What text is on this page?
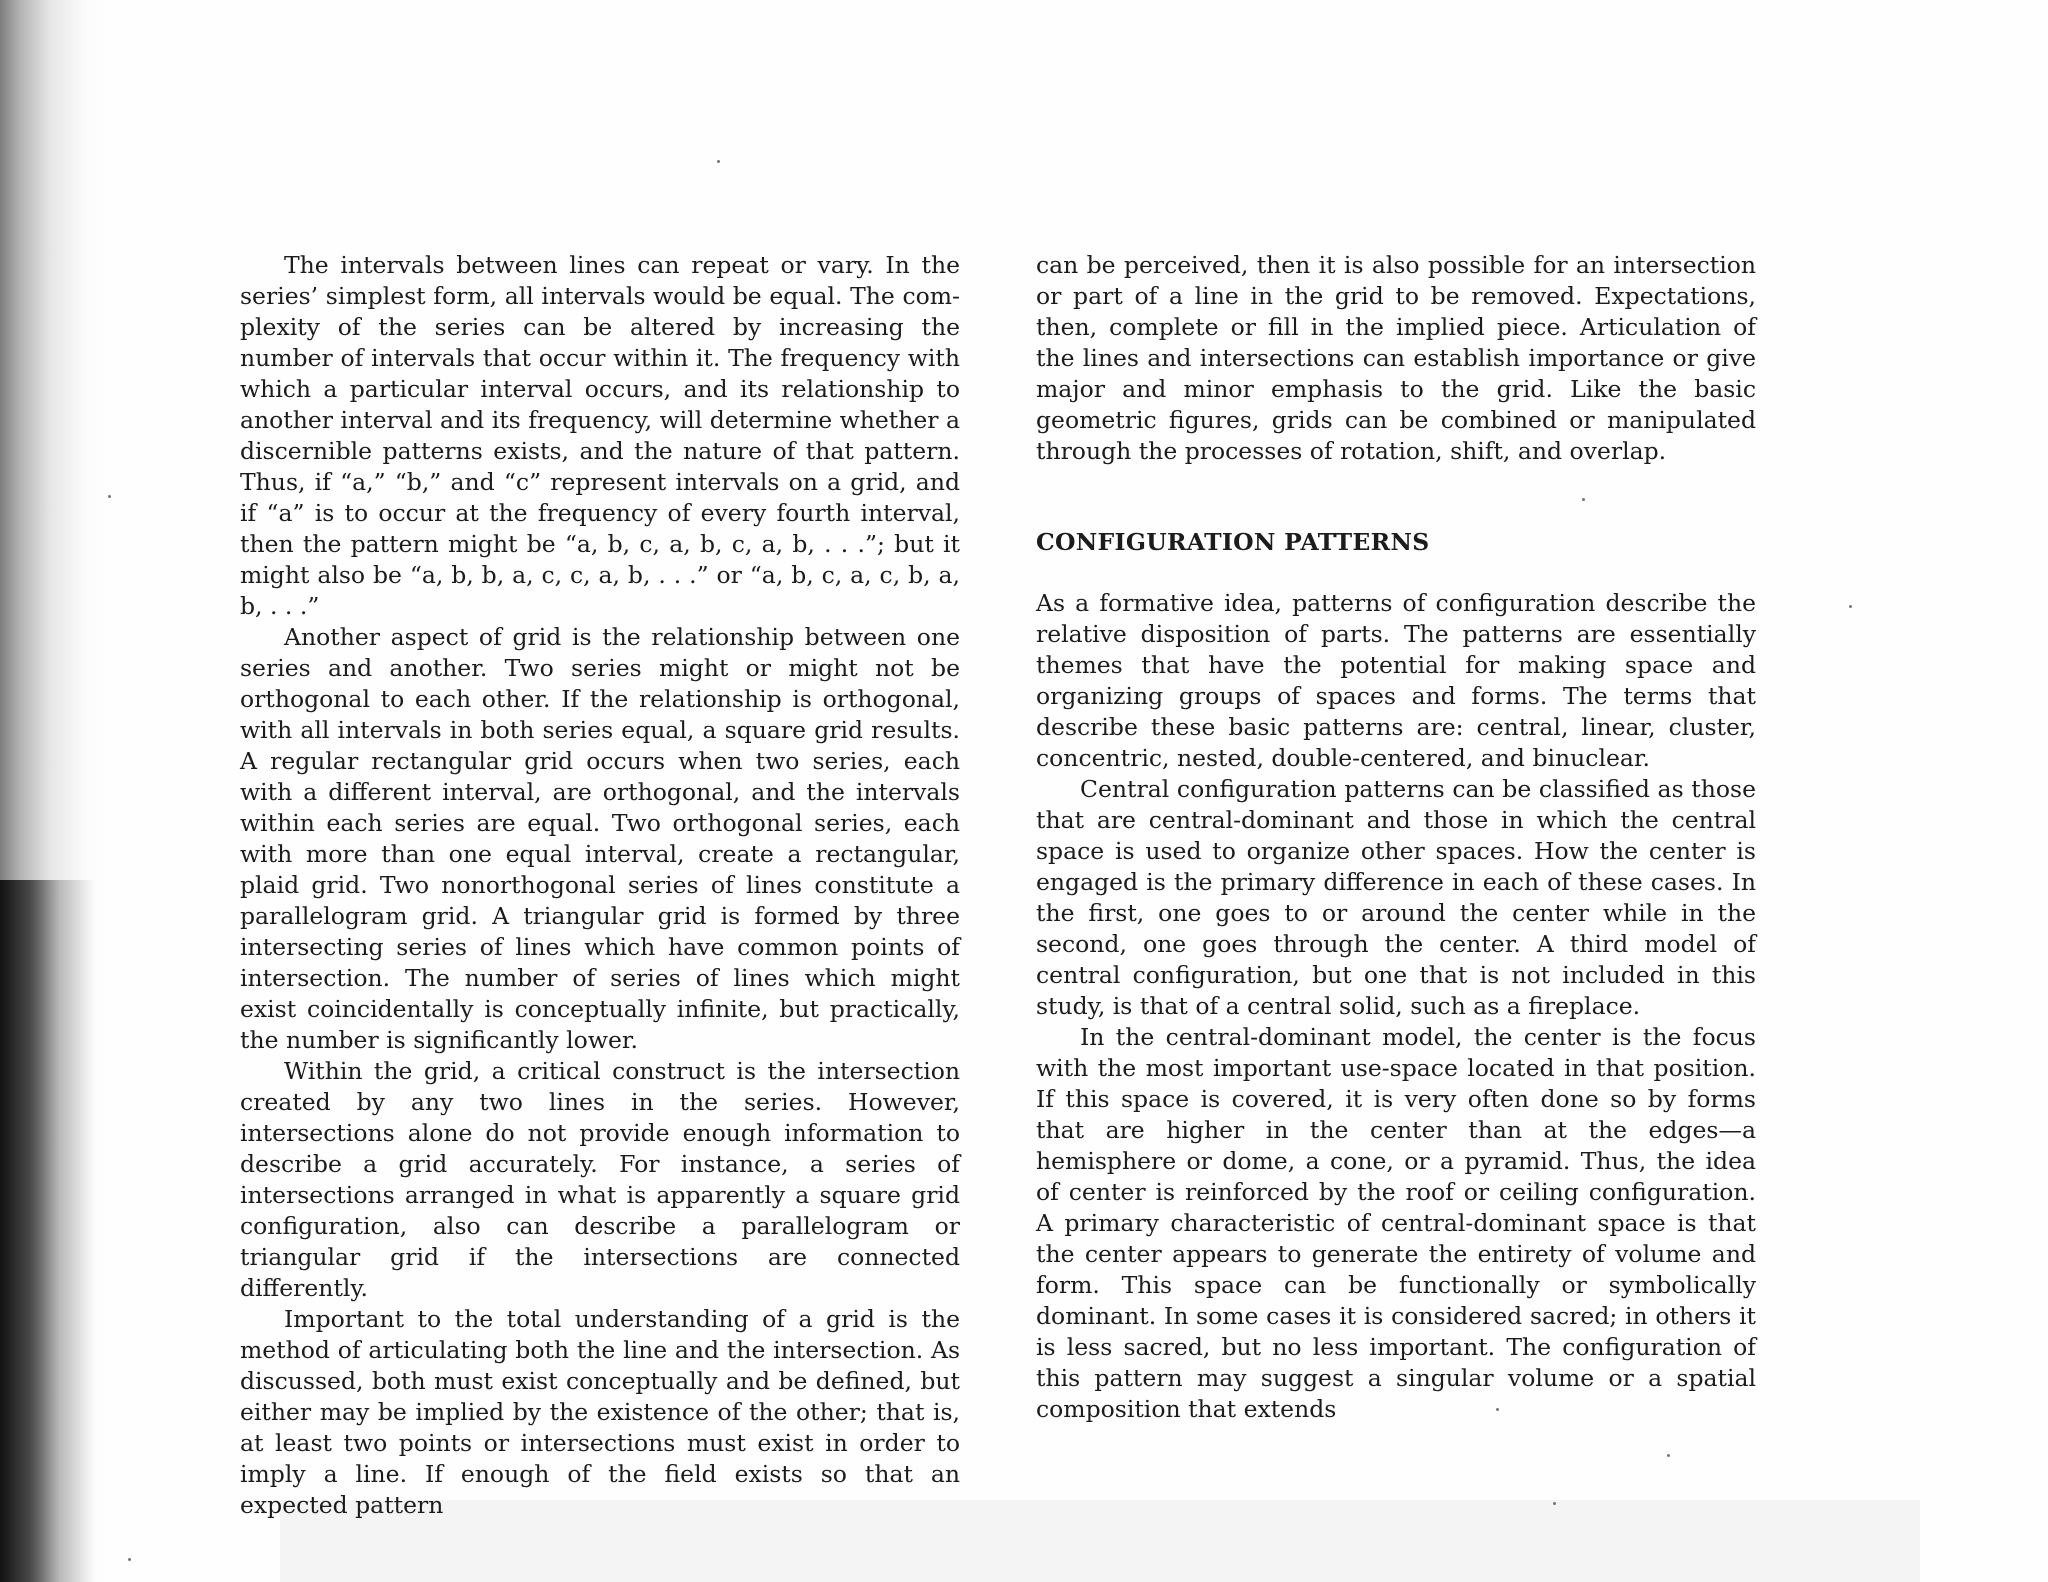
The intervals between lines can repeat or vary. In the series’ simplest form, all intervals would be equal. The complexity of the series can be altered by increasing the number of intervals that occur within it. The frequency with which a particular interval occurs, and its relationship to another interval and its frequency, will determine whether a discernible patterns exists, and the nature of that pattern. Thus, if “a,” “b,” and “c” represent intervals on a grid, and if “a” is to occur at the frequency of every fourth interval, then the pattern might be “a, b, c, a, b, c, a, b, . . .”; but it might also be “a, b, b, a, c, c, a, b, . . .” or “a, b, c, a, c, b, a, b, . . .”

Another aspect of grid is the relationship between one series and another. Two series might or might not be orthogonal to each other. If the relationship is orthogonal, with all intervals in both series equal, a square grid results. A regular rectangular grid occurs when two series, each with a different interval, are orthogonal, and the intervals within each series are equal. Two orthogonal series, each with more than one equal interval, create a rectangular, plaid grid. Two nonorthogonal series of lines constitute a parallelogram grid. A triangular grid is formed by three intersecting series of lines which have common points of intersection. The number of series of lines which might exist coincidentally is conceptually infinite, but practically, the number is significantly lower.

Within the grid, a critical construct is the intersection created by any two lines in the series. However, intersections alone do not provide enough information to describe a grid accurately. For instance, a series of intersections arranged in what is apparently a square grid configuration, also can describe a parallelogram or triangular grid if the intersections are connected differently.

Important to the total understanding of a grid is the method of articulating both the line and the intersection. As discussed, both must exist conceptually and be defined, but either may be implied by the existence of the other; that is, at least two points or intersections must exist in order to imply a line. If enough of the field exists so that an expected pattern

can be perceived, then it is also possible for an intersection or part of a line in the grid to be removed. Expectations, then, complete or fill in the implied piece. Articulation of the lines and intersections can establish importance or give major and minor emphasis to the grid. Like the basic geometric figures, grids can be combined or manipulated through the processes of rotation, shift, and overlap.

CONFIGURATION PATTERNS

As a formative idea, patterns of configuration describe the relative disposition of parts. The patterns are essentially themes that have the potential for making space and organizing groups of spaces and forms. The terms that describe these basic patterns are: central, linear, cluster, concentric, nested, double-centered, and binuclear.

Central configuration patterns can be classified as those that are central-dominant and those in which the central space is used to organize other spaces. How the center is engaged is the primary difference in each of these cases. In the first, one goes to or around the center while in the second, one goes through the center. A third model of central configuration, but one that is not included in this study, is that of a central solid, such as a fireplace.

In the central-dominant model, the center is the focus with the most important use-space located in that position. If this space is covered, it is very often done so by forms that are higher in the center than at the edges—a hemisphere or dome, a cone, or a pyramid. Thus, the idea of center is reinforced by the roof or ceiling configuration. A primary characteristic of central-dominant space is that the center appears to generate the entirety of volume and form. This space can be functionally or symbolically dominant. In some cases it is considered sacred; in others it is less sacred, but no less important. The configuration of this pattern may suggest a singular volume or a spatial composition that extends
